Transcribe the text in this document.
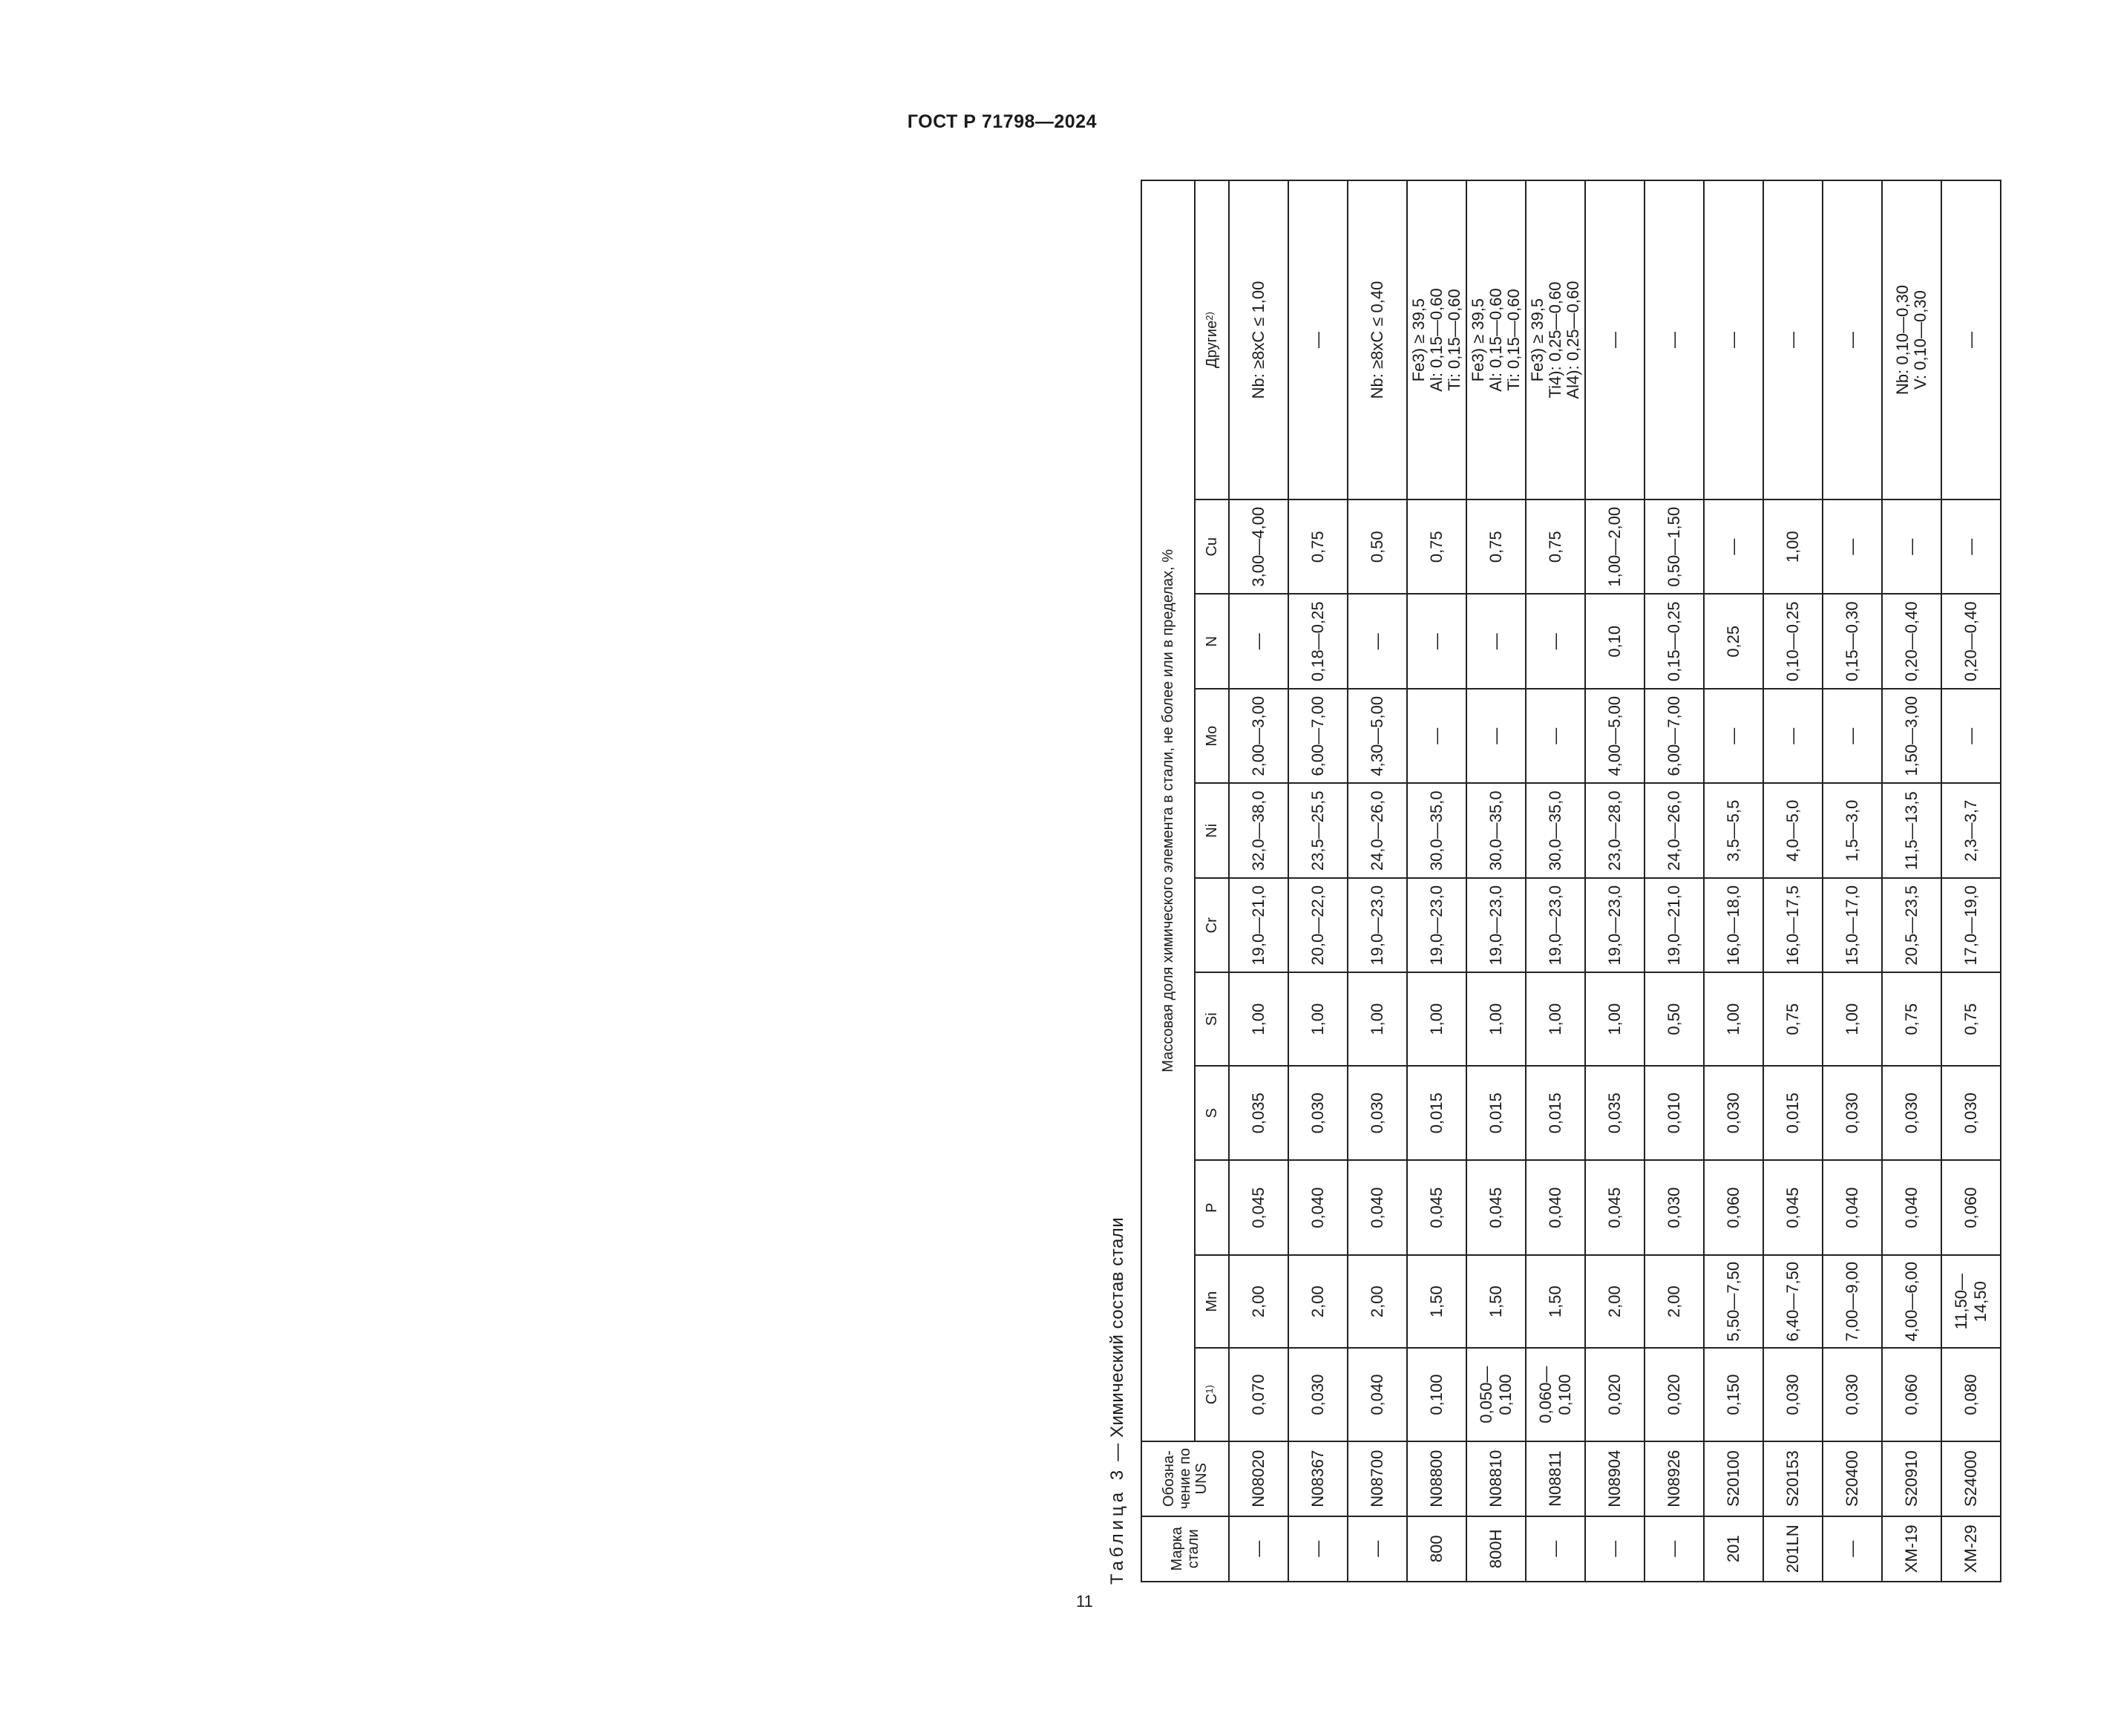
ГОСТ Р 71798—2024
Таблица 3 — Химический состав стали
Марка стали	Обозна-чение по UNS	Массовая доля химического элемента в стали, не более или в пределах, %										
		$C^{1)}$	Mn	P	S	Si	Cr	Ni	Mo	N	Cu	Другие$^{2)}$
—	N08020	0,070	2,00	0,045	0,035	1,00	19,0—21,0	32,0—38,0	2,00—3,00	—	3,00—4,00	Nb: ≥8xC ≤ 1,00

—	N08367	0,030	2,00	0,040	0,030	1,00	20,0—22,0	23,5—25,5	6,00—7,00	0,18—0,25	0,75	—

—	N08700	0,040	2,00	0,040	0,030	1,00	19,0—23,0	24,0—26,0	4,30—5,00	—	0,50	Nb: ≥8xC ≤ 0,40

800	N08800	0,100	1,50	0,045	0,015	1,00	19,0—23,0	30,0—35,0	—	—	0,75	Fe3) ≥ 39,5 Al: 0,15—0,60 Ti: 0,15—0,60

800H	N08810	0,050—0,100	1,50	0,045	0,015	1,00	19,0—23,0	30,0—35,0	—	—	0,75	Fe3) ≥ 39,5 Al: 0,15—0,60 Ti: 0,15—0,60

—	N08811	0,060—0,100	1,50	0,040	0,015	1,00	19,0—23,0	30,0—35,0	—	—	0,75	Fe3) ≥ 39,5 Ti4): 0,25—0,60 Al4): 0,25—0,60

—	N08904	0,020	2,00	0,045	0,035	1,00	19,0—23,0	23,0—28,0	4,00—5,00	0,10	1,00—2,00	—

—	N08926	0,020	2,00	0,030	0,010	0,50	19,0—21,0	24,0—26,0	6,00—7,00	0,15—0,25	0,50—1,50	—

201	S20100	0,150	5,50—7,50	0,060	0,030	1,00	16,0—18,0	3,5—5,5	—	0,25	—	—

201LN	S20153	0,030	6,40—7,50	0,045	0,015	0,75	16,0—17,5	4,0—5,0	—	0,10—0,25	1,00	—

—	S20400	0,030	7,00—9,00	0,040	0,030	1,00	15,0—17,0	1,5—3,0	—	0,15—0,30	—	—

XM-19	S20910	0,060	4,00—6,00	0,040	0,030	0,75	20,5—23,5	11,5—13,5	1,50—3,00	0,20—0,40	—	Nb: 0,10—0,30 V: 0,10—0,30

XM-29	S24000	0,080	11,50—14,50	0,060	0,030	0,75	17,0—19,0	2,3—3,7	—	0,20—0,40	—	—
11
